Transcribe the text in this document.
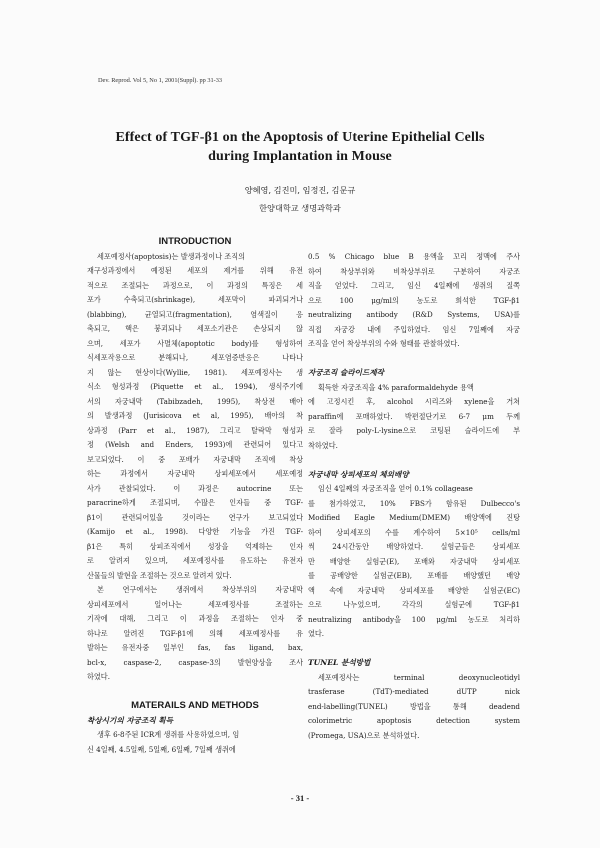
Dev. Reprod. Vol 5, No 1, 2001(Suppl). pp 31-33
Effect of TGF-β1 on the Apoptosis of Uterine Epithelial Cells
during Implantation in Mouse
양혜영, 김진미, 임정진, 김문규
한양대학교 생명과학과
INTRODUCTION
세포예정사(apoptosis)는 발생과정이나 조직의
재구성과정에서 예정된 세포의 제거를 위해 유전
적으로 조절되는 과정으로, 이 과정의 특징은 세
포가 수축되고(shrinkage), 세포막이 파괴되거나
(blabbing), 균열되고(fragmentation), 염색질이 응
축되고, 핵은 붕괴되나 세포소기관은 손상되지 않
으며, 세포가 사멸체(apoptotic body)를 형성하여
식세포작용으로 분해되나, 세포염증반응은 나타나
지 않는 현상이다(Wyllie, 1981). 세포예정사는 생
식소 형성과정 (Piquette et al., 1994), 생식주기에
서의 자궁내막 (Tabibzadeh, 1995), 착상전 배아
의 발생과정 (Jurisicova et al, 1995), 배아의 착
상과정 (Parr et al., 1987), 그리고 탈락막 형성과
정 (Welsh and Enders, 1993)에 관련되어 있다고
보고되었다. 이 중 포배가 자궁내막 조직에 착상
하는 과정에서 자궁내막 상피세포에서 세포예정
사가 관찰되었다. 이 과정은 autocrine 또는
paracrine하게 조절되며, 수많은 인자들 중 TGF-
β1이 관련되어있을 것이라는 연구가 보고되었다
(Kamijo et al., 1998). 다양한 기능을 가진 TGF-
β1은 특히 상피조직에서 성장을 억제하는 인자
로 알려져 있으며, 세포예정사를 유도하는 유전자
산물들의 발현을 조절하는 것으로 알려져 있다.
본 연구에서는 생쥐에서 착상부위의 자궁내막
상피세포에서 일어나는 세포예정사를 조절하는
기작에 대해, 그리고 이 과정을 조절하는 인자 중
하나로 알려진 TGF-β1에 의해 세포예정사를 유
발하는 유전자중 일부인 fas, fas ligand, bax,
bcl-x, caspase-2, caspase-3의 발현양상을 조사
하였다.
MATERAILS AND METHODS
착상시기의 자궁조직 획득
생후 6-8주된 ICR계 생쥐를 사용하였으며, 임
신 4일째, 4.5일째, 5일째, 6일째, 7일째 생쥐에
0.5 % Chicago blue B 용액을 꼬리 정맥에 주사
하여 착상부위와 비착상부위로 구분하여 자궁조
직을 얻었다. 그리고, 임신 4일째에 생쥐의 질쪽
으로 100 μg/ml의 농도로 희석한 TGF-β1
neutralizing antibody (R&D Systems, USA)를
직접 자궁강 내에 주입하였다. 임신 7일째에 자궁
조직을 얻어 착상부위의 수와 형태를 관찰하였다.
자궁조직 슬라이드제작
획득한 자궁조직을 4% paraformaldehyde 용액
에 고정시킨 후, alcohol 시리즈와 xylene을 거쳐
paraffin에 포매하였다. 박편절단기로 6-7 μm 두께
로 잘라 poly-L-lysine으로 코팅된 슬라이드에 부
착하였다.
자궁내막 상피세포의 체외배양
임신 4일째의 자궁조직을 얻어 0.1% collagease
를 첨가하였고, 10% FBS가 함유된 Dulbecco's
Modified Eagle Medium(DMEM) 배양액에 진탕
하여 상피세포의 수를 계수하여 5×10⁵ cells/ml
씩 24시간동안 배양하였다. 실험군들은 상피세포
만 배양한 실험군(E), 포배와 자궁내막 상피세포
를 공배양한 실험군(EB), 포배를 배양했던 배양
액 속에 자궁내막 상피세포를 배양한 실험군(EC)
으로 나누었으며, 각각의 실험군에 TGF-β1
neutralizing antibody을 100 μg/ml 농도로 처리하
였다.
TUNEL 분석방법
세포예정사는 terminal deoxynucleotidyl
trasferase (TdT)-mediated dUTP nick
end-labelling(TUNEL) 방법을 통해 deadend
colorimetric apoptosis detection system
(Promega, USA)으로 분석하였다.
- 31 -
